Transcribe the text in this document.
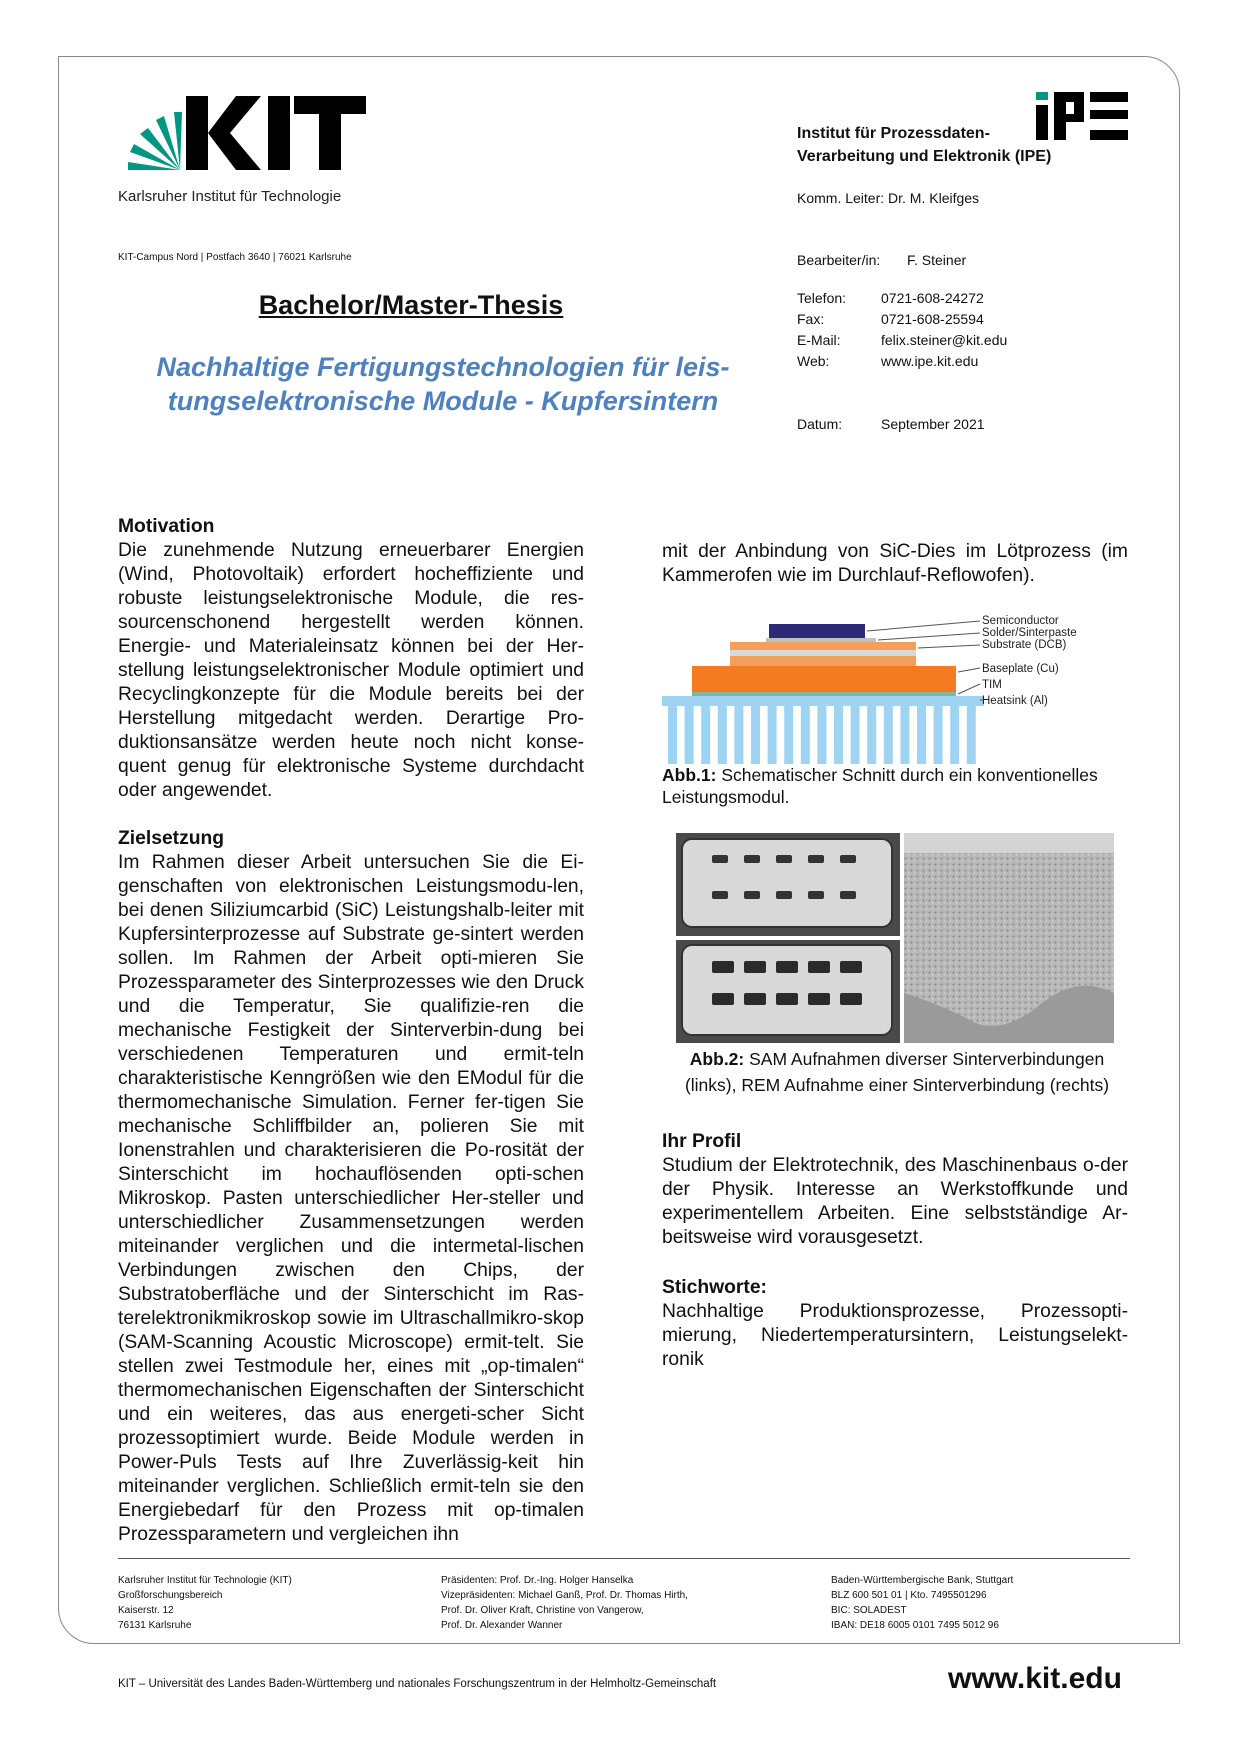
Karlsruher Institut für Technologie
Institut für Prozessdaten-
Verarbeitung und Elektronik (IPE)
Komm. Leiter: Dr. M. Kleifges
KIT-Campus Nord | Postfach 3640 | 76021 Karlsruhe	Bearbeiter/in:	F. Steiner
Telefon:	0721-608-24272
Fax:	0721-608-25594
E-Mail:	felix.steiner@kit.edu
Web:	www.ipe.kit.edu
Datum:	September 2021
Bachelor/Master-Thesis
Nachhaltige Fertigungstechnologien für leis-
tungselektronische Module - Kupfersintern
Motivation

Die zunehmende Nutzung erneuerbarer Energien (Wind, Photovoltaik) erfordert hocheffiziente und robuste leistungselektronische Module, die res-sourcenschonend hergestellt werden können. Energie- und Materialeinsatz können bei der Her-stellung leistungselektronischer Module optimiert und Recyclingkonzepte für die Module bereits bei der Herstellung mitgedacht werden. Derartige Pro-duktionsansätze werden heute noch nicht konse-quent genug für elektronische Systeme durchdacht oder angewendet.

Zielsetzung

Im Rahmen dieser Arbeit untersuchen Sie die Ei-genschaften von elektronischen Leistungsmodu-len, bei denen Siliziumcarbid (SiC) Leistungshalb-leiter mit Kupfersinterprozesse auf Substrate ge-sintert werden sollen. Im Rahmen der Arbeit opti-mieren Sie Prozessparameter des Sinterprozesses wie den Druck und die Temperatur, Sie qualifizie-ren die mechanische Festigkeit der Sinterverbin-dung bei verschiedenen Temperaturen und ermit-teln charakteristische Kenngrößen wie den EModul für die thermomechanische Simulation. Ferner fer-tigen Sie mechanische Schliffbilder an, polieren Sie mit Ionenstrahlen und charakterisieren die Po-rosität der Sinterschicht im hochauflösenden opti-schen Mikroskop. Pasten unterschiedlicher Her-steller und unterschiedlicher Zusammensetzungen werden miteinander verglichen und die intermetal-lischen Verbindungen zwischen den Chips, der Substratoberfläche und der Sinterschicht im Ras-terelektronikmikroskop sowie im Ultraschallmikro-skop (SAM-Scanning Acoustic Microscope) ermit-telt. Sie stellen zwei Testmodule her, eines mit „op-timalen“ thermomechanischen Eigenschaften der Sinterschicht und ein weiteres, das aus energeti-scher Sicht prozessoptimiert wurde. Beide Module werden in Power-Puls Tests auf Ihre Zuverlässig-keit hin miteinander verglichen. Schließlich ermit-teln sie den Energiebedarf für den Prozess mit op-timalen Prozessparametern und vergleichen ihn

mit der Anbindung von SiC-Dies im Lötprozess (im Kammerofen wie im Durchlauf-Reflowofen).

Semiconductor
Solder/Sinterpaste
Substrate (DCB)
Baseplate (Cu)
TIM
Heatsink (Al)
Abb.1: Schematischer Schnitt durch ein konventionelles Leistungsmodul.
Abb.2: SAM Aufnahmen diverser Sinterverbindungen (links), REM Aufnahme einer Sinterverbindung (rechts)
Ihr Profil

Studium der Elektrotechnik, des Maschinenbaus o-der der Physik. Interesse an Werkstoffkunde und experimentellem Arbeiten. Eine selbstständige Ar-beitsweise wird vorausgesetzt.

Stichworte:

Nachhaltige Produktionsprozesse, Prozessopti-mierung, Niedertemperatursintern, Leistungselekt-ronik

Karlsruher Institut für Technologie (KIT)
Großforschungsbereich
Kaiserstr. 12
76131 Karlsruhe
Präsidenten: Prof. Dr.-Ing. Holger Hanselka
Vizepräsidenten: Michael Ganß, Prof. Dr. Thomas Hirth,
Prof. Dr. Oliver Kraft, Christine von Vangerow,
Prof. Dr. Alexander Wanner
Baden-Württembergische Bank, Stuttgart
BLZ 600 501 01 | Kto. 7495501296
BIC: SOLADEST
IBAN: DE18 6005 0101 7495 5012 96
KIT – Universität des Landes Baden-Württemberg und nationales Forschungszentrum in der Helmholtz-Gemeinschaft	www.kit.edu
